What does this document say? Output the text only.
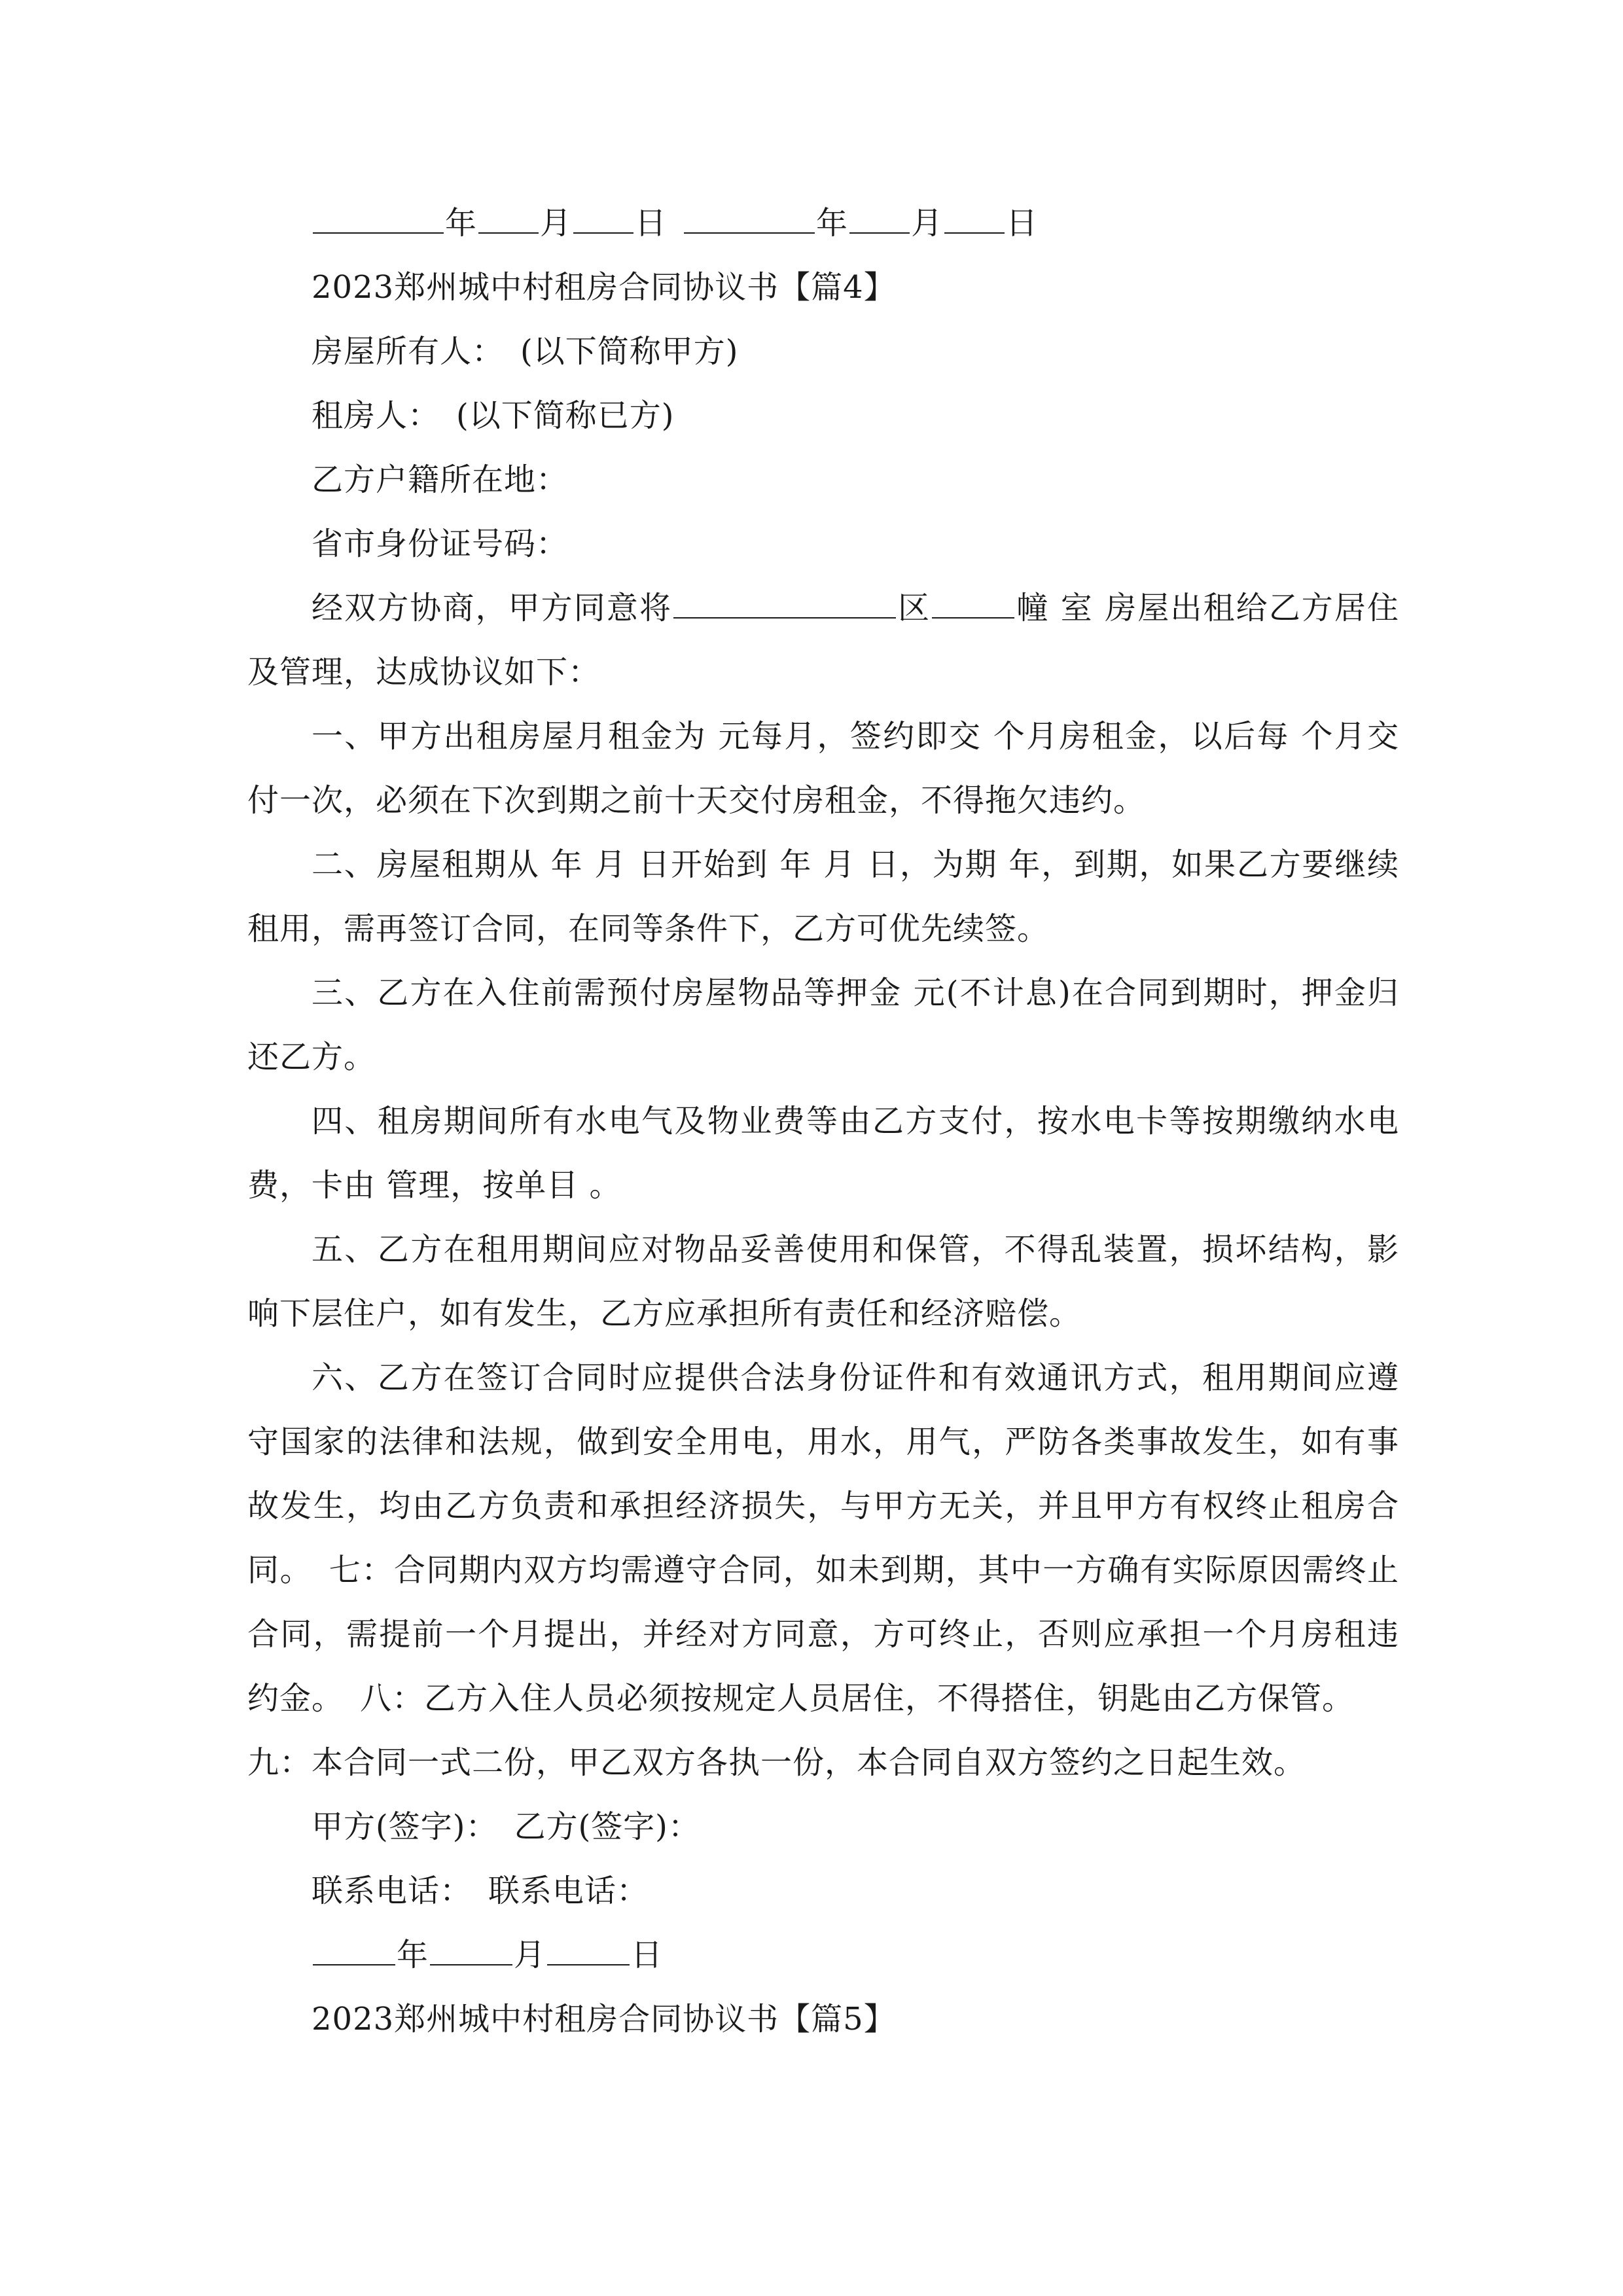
年 月 日	年 月 日

2023郑州城中村租房合同协议书【篇4】

房屋所有人：　(以下简称甲方)

租房人：　(以下简称已方)

乙方户籍所在地：

省市身份证号码：

经双方协商，甲方同意将	区	幢 室 房屋出租给乙方居住及管理，达成协议如下：

一、甲方出租房屋月租金为 元每月，签约即交 个月房租金，以后每 个月交付一次，必须在下次到期之前十天交付房租金，不得拖欠违约。

二、房屋租期从 年 月 日开始到 年 月 日，为期 年，到期，如果乙方要继续租用，需再签订合同，在同等条件下，乙方可优先续签。

三、乙方在入住前需预付房屋物品等押金 元(不计息)在合同到期时，押金归还乙方。

四、租房期间所有水电气及物业费等由乙方支付，按水电卡等按期缴纳水电费，卡由 管理，按单目 。

五、乙方在租用期间应对物品妥善使用和保管，不得乱装置，损坏结构，影响下层住户，如有发生，乙方应承担所有责任和经济赔偿。

六、乙方在签订合同时应提供合法身份证件和有效通讯方式，租用期间应遵守国家的法律和法规，做到安全用电，用水，用气，严防各类事故发生，如有事故发生，均由乙方负责和承担经济损失，与甲方无关，并且甲方有权终止租房合同。　七：合同期内双方均需遵守合同，如未到期，其中一方确有实际原因需终止合同，需提前一个月提出，并经对方同意，方可终止，否则应承担一个月房租违约金。　八：乙方入住人员必须按规定人员居住，不得搭住，钥匙由乙方保管。

九：本合同一式二份，甲乙双方各执一份，本合同自双方签约之日起生效。

甲方(签字)：　乙方(签字)：

联系电话：　联系电话：

年	月	日

2023郑州城中村租房合同协议书【篇5】
